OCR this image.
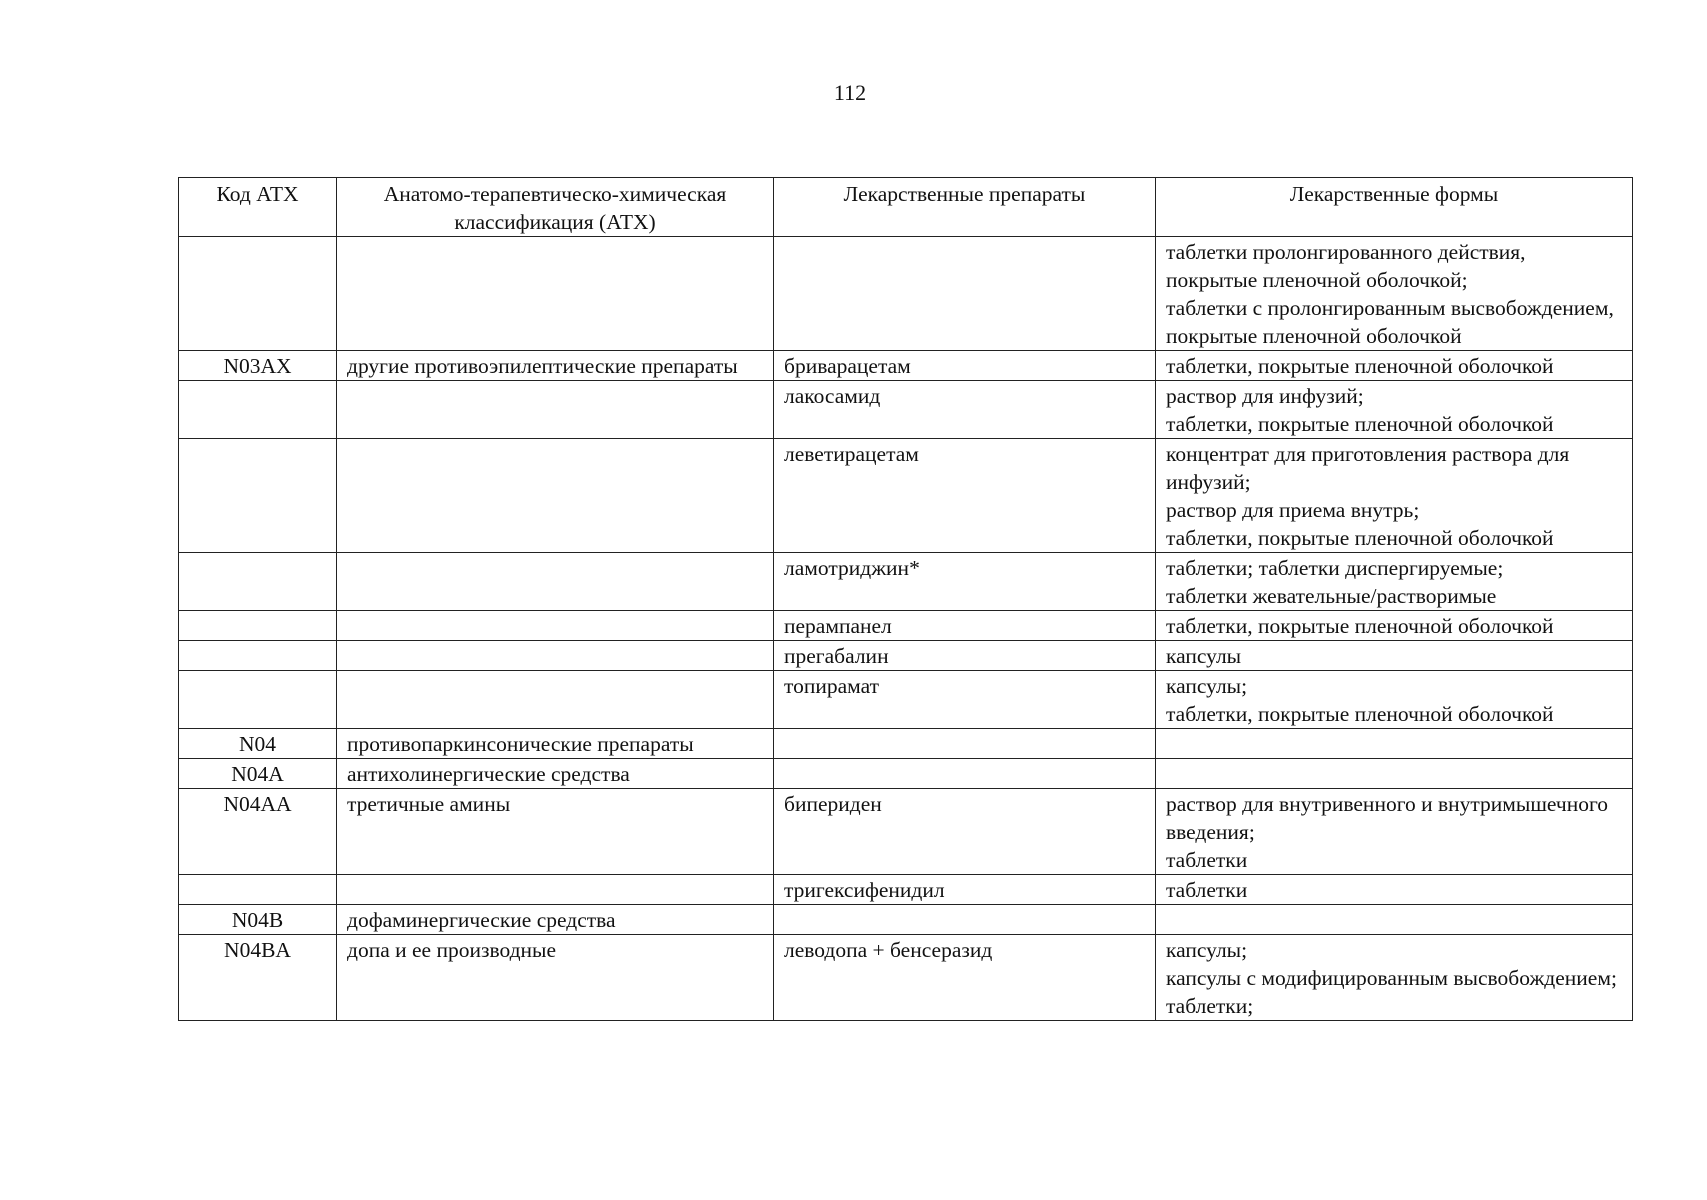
112
Код АТХ	Анатомо-терапевтическо-химическая классификация (АТХ)	Лекарственные препараты	Лекарственные формы

			таблетки пролонгированного действия, покрытые пленочной оболочкой;
таблетки с пролонгированным высвобождением, покрытые пленочной оболочкой

N03AX	другие противоэпилептические препараты	бриварацетам	таблетки, покрытые пленочной оболочкой

		лакосамид	раствор для инфузий;
таблетки, покрытые пленочной оболочкой

		леветирацетам	концентрат для приготовления раствора для инфузий;
раствор для приема внутрь;
таблетки, покрытые пленочной оболочкой

		ламотриджин*	таблетки; таблетки диспергируемые;
таблетки жевательные/растворимые

		перампанел	таблетки, покрытые пленочной оболочкой

		прегабалин	капсулы

		топирамат	капсулы;
таблетки, покрытые пленочной оболочкой

N04	противопаркинсонические препараты		
N04A	антихолинергические средства		
N04AA	третичные амины	бипериден	раствор для внутривенного и внутримышечного введения;
таблетки

		тригексифенидил	таблетки

N04B	дофаминергические средства		
N04BA	допа и ее производные	леводопа + бенсеразид	капсулы;
капсулы с модифицированным высвобождением;
таблетки;
